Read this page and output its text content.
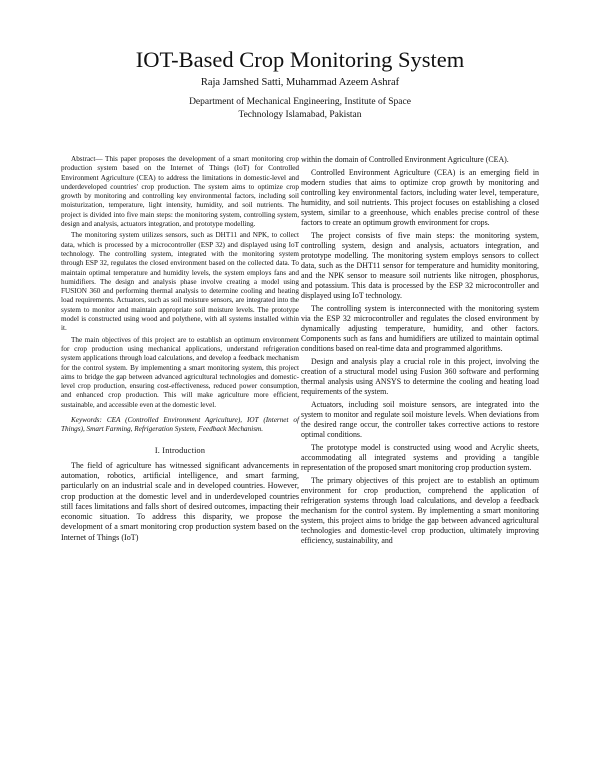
IOT-Based Crop Monitoring System
Raja Jamshed Satti, Muhammad Azeem Ashraf
Department of Mechanical Engineering, Institute of Space
Technology Islamabad, Pakistan

Abstract— This paper proposes the development of a smart monitoring crop production system based on the Internet of Things (IoT) for Controlled Environment Agriculture (CEA) to address the limitations in domestic-level and underdeveloped countries' crop production. The system aims to optimize crop growth by monitoring and controlling key environmental factors, including soil moisturization, temperature, light intensity, humidity, and soil nutrients. The project is divided into five main steps: the monitoring system, controlling system, design and analysis, actuators integration, and prototype modelling.

The monitoring system utilizes sensors, such as DHT11 and NPK, to collect data, which is processed by a microcontroller (ESP 32) and displayed using IoT technology. The controlling system, integrated with the monitoring system through ESP 32, regulates the closed environment based on the collected data. To maintain optimal temperature and humidity levels, the system employs fans and humidifiers. The design and analysis phase involve creating a model using FUSION 360 and performing thermal analysis to determine cooling and heating load requirements. Actuators, such as soil moisture sensors, are integrated into the system to monitor and maintain appropriate soil moisture levels. The prototype model is constructed using wood and polythene, with all systems installed within it.

The main objectives of this project are to establish an optimum environment for crop production using mechanical applications, understand refrigeration system applications through load calculations, and develop a feedback mechanism for the control system. By implementing a smart monitoring system, this project aims to bridge the gap between advanced agricultural technologies and domestic-level crop production, ensuring cost-effectiveness, reduced power consumption, and enhanced crop production. This will make agriculture more efficient, sustainable, and accessible even at the domestic level.

Keywords: CEA (Controlled Environment Agriculture), IOT (Internet of Things), Smart Farming, Refrigeration System, Feedback Mechanism.

I. Introduction

The field of agriculture has witnessed significant advancements in automation, robotics, artificial intelligence, and smart farming, particularly on an industrial scale and in developed countries. However, crop production at the domestic level and in underdeveloped countries still faces limitations and falls short of desired outcomes, impacting their economic situation. To address this disparity, we propose the development of a smart monitoring crop production system based on the Internet of Things (IoT)

within the domain of Controlled Environment Agriculture (CEA).

Controlled Environment Agriculture (CEA) is an emerging field in modern studies that aims to optimize crop growth by monitoring and controlling key environmental factors, including water level, temperature, humidity, and soil nutrients. This project focuses on establishing a closed system, similar to a greenhouse, which enables precise control of these factors to create an optimum growth environment for crops.

The project consists of five main steps: the monitoring system, controlling system, design and analysis, actuators integration, and prototype modelling. The monitoring system employs sensors to collect data, such as the DHT11 sensor for temperature and humidity monitoring, and the NPK sensor to measure soil nutrients like nitrogen, phosphorus, and potassium. This data is processed by the ESP 32 microcontroller and displayed using IoT technology.

The controlling system is interconnected with the monitoring system via the ESP 32 microcontroller and regulates the closed environment by dynamically adjusting temperature, humidity, and other factors. Components such as fans and humidifiers are utilized to maintain optimal conditions based on real-time data and programmed algorithms.

Design and analysis play a crucial role in this project, involving the creation of a structural model using Fusion 360 software and performing thermal analysis using ANSYS to determine the cooling and heating load requirements of the system.

Actuators, including soil moisture sensors, are integrated into the system to monitor and regulate soil moisture levels. When deviations from the desired range occur, the controller takes corrective actions to restore optimal conditions.

The prototype model is constructed using wood and Acrylic sheets, accommodating all integrated systems and providing a tangible representation of the proposed smart monitoring crop production system.

The primary objectives of this project are to establish an optimum environment for crop production, comprehend the application of refrigeration systems through load calculations, and develop a feedback mechanism for the control system. By implementing a smart monitoring system, this project aims to bridge the gap between advanced agricultural technologies and domestic-level crop production, ultimately improving efficiency, sustainability, and
